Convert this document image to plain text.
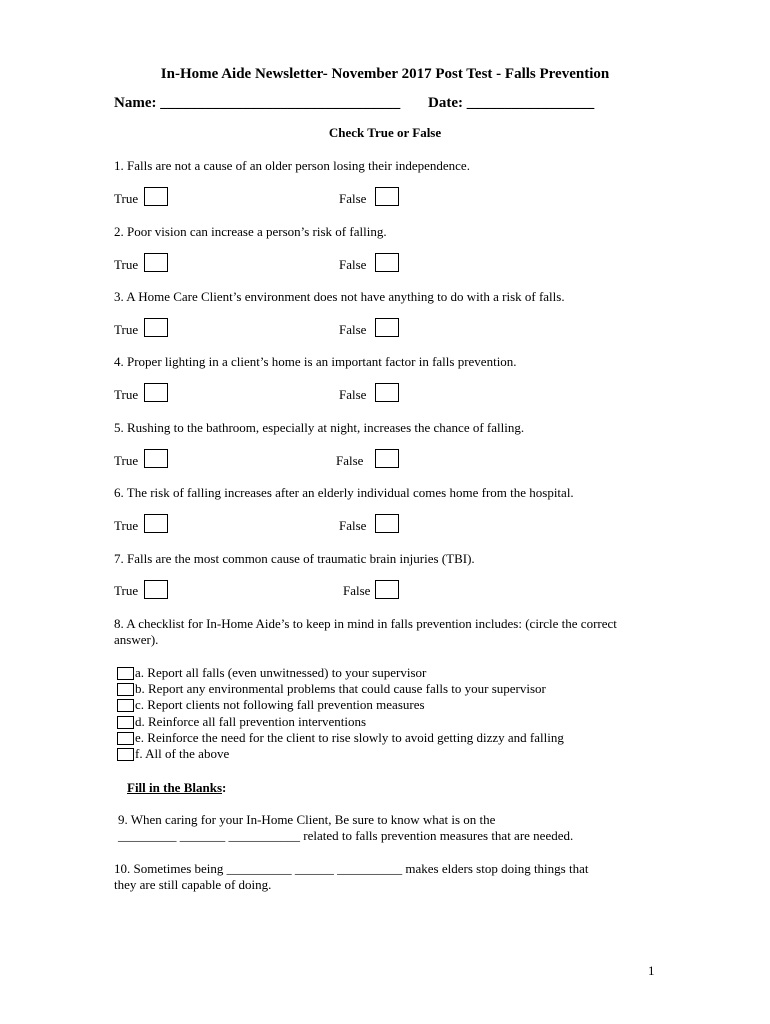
In-Home Aide Newsletter- November 2017 Post Test - Falls Prevention
Name: ________________________________ Date: _________________
Check True or False
1. Falls are not a cause of an older person losing their independence.
True	False
2. Poor vision can increase a person’s risk of falling.
True	False
3. A Home Care Client’s environment does not have anything to do with a risk of falls.
True	False
4. Proper lighting in a client’s home is an important factor in falls prevention.
True	False
5. Rushing to the bathroom, especially at night, increases the chance of falling.
True	False
6. The risk of falling increases after an elderly individual comes home from the hospital.
True	False
7. Falls are the most common cause of traumatic brain injuries (TBI).
True	False
8. A checklist for In-Home Aide’s to keep in mind in falls prevention includes: (circle the correct
answer).
a. Report all falls (even unwitnessed) to your supervisor
b. Report any environmental problems that could cause falls to your supervisor
c. Report clients not following fall prevention measures
d. Reinforce all fall prevention interventions
e. Reinforce the need for the client to rise slowly to avoid getting dizzy and falling
f. All of the above
Fill in the Blanks:
9. When caring for your In-Home Client, Be sure to know what is on the
_________ _______ ___________ related to falls prevention measures that are needed.
10. Sometimes being __________ ______ __________ makes elders stop doing things that
they are still capable of doing.
1
